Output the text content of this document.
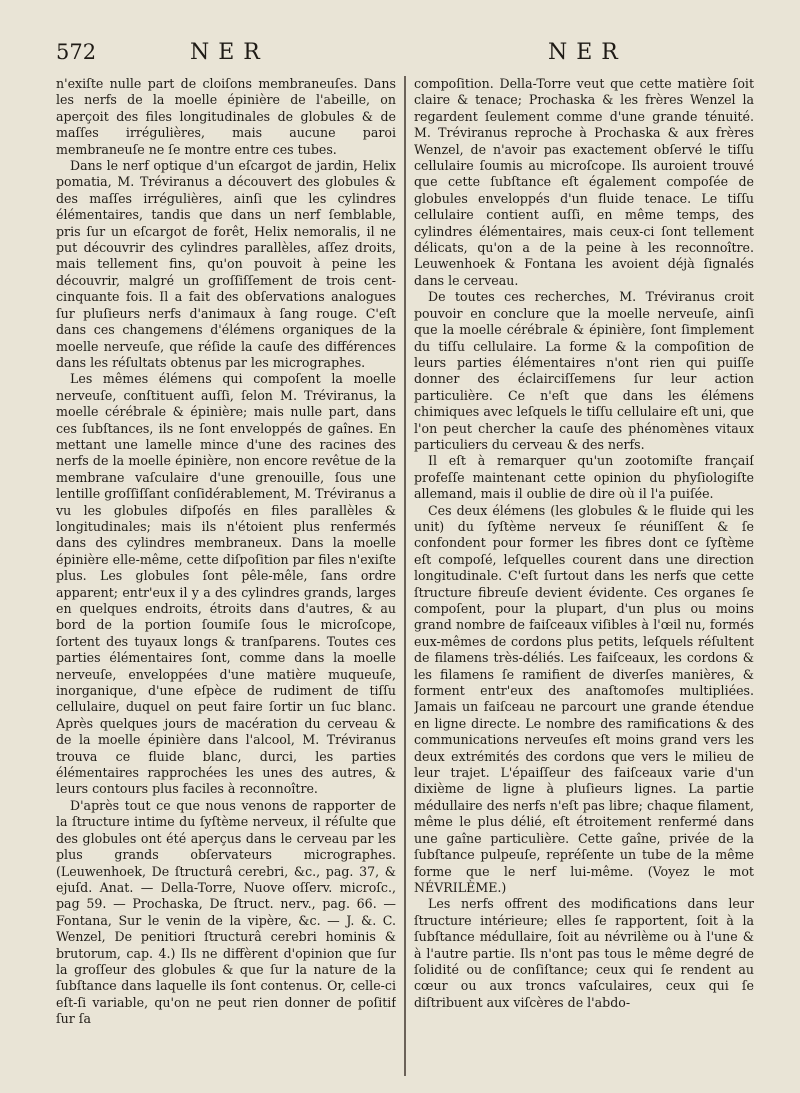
572	NER	NER

n'exiſte nulle part de cloiſons membraneuſes. Dans les nerfs de la moelle épinière de l'abeille, on aperçoit des files longitudinales de globules & de maſſes irrégulières, mais aucune paroi membraneuſe ne ſe montre entre ces tubes.

Dans le nerf optique d'un eſcargot de jardin, Helix pomatia, M. Tréviranus a découvert des globules & des maſſes irrégulières, ainſi que les cylindres élémentaires, tandis que dans un nerf ſemblable, pris ſur un eſcargot de forêt, Helix nemoralis, il ne put découvrir des cylindres parallèles, aſſez droits, mais tellement fins, qu'on pouvoit à peine les découvrir, malgré un groſſiſſement de trois cent-cinquante fois. Il a fait des obſervations analogues ſur pluſieurs nerfs d'animaux à ſang rouge. C'eſt dans ces changemens d'élémens organiques de la moelle nerveuſe, que réſide la cauſe des différences dans les réſultats obtenus par les micrographes.

Les mêmes élémens qui compoſent la moelle nerveuſe, conſtituent auſſi, ſelon M. Tréviranus, la moelle cérébrale & épinière; mais nulle part, dans ces ſubſtances, ils ne ſont enveloppés de gaînes. En mettant une lamelle mince d'une des racines des nerfs de la moelle épinière, non encore revêtue de la membrane vaſculaire d'une grenouille, ſous une lentille groſſiſſant conſidérablement, M. Tréviranus a vu les globules diſpoſés en files parallèles & longitudinales; mais ils n'étoient plus renfermés dans des cylindres membraneux. Dans la moelle épinière elle-même, cette diſpoſition par files n'exiſte plus. Les globules ſont pêle-mêle, ſans ordre apparent; entr'eux il y a des cylindres grands, larges en quelques endroits, étroits dans d'autres, & au bord de la portion ſoumiſe ſous le microſcope, ſortent des tuyaux longs & tranſparens. Toutes ces parties élémentaires ſont, comme dans la moelle nerveuſe, enveloppées d'une matière muqueuſe, inorganique, d'une eſpèce de rudiment de tiſſu cellulaire, duquel on peut faire ſortir un ſuc blanc. Après quelques jours de macération du cerveau & de la moelle épinière dans l'alcool, M. Tréviranus trouva ce fluide blanc, durci, les parties élémentaires rapprochées les unes des autres, & leurs contours plus faciles à reconnoître.

D'après tout ce que nous venons de rapporter de la ſtructure intime du ſyſtème nerveux, il réſulte que des globules ont été aperçus dans le cerveau par les plus grands obſervateurs micrographes. (Leuwenhoek, De ſtructurâ cerebri, &c., pag. 37, & ejuſd. Anat. — Della-Torre, Nuove oſſerv. microſc., pag 59. — Prochaska, De ſtruct. nerv., pag. 66. — Fontana, Sur le venin de la vipère, &c. — J. &. C. Wenzel, De penitiori ſtructurâ cerebri hominis & brutorum, cap. 4.) Ils ne diffèrent d'opinion que ſur la groſſeur des globules & que ſur la nature de la ſubſtance dans laquelle ils ſont contenus. Or, celle-ci eſt-ſi variable, qu'on ne peut rien donner de poſitif ſur ſa

compoſition. Della-Torre veut que cette matière ſoit claire & tenace; Prochaska & les frères Wenzel la regardent ſeulement comme d'une grande ténuité. M. Tréviranus reproche à Prochaska & aux frères Wenzel, de n'avoir pas exactement obſervé le tiſſu cellulaire ſoumis au microſcope. Ils auroient trouvé que cette ſubſtance eſt également compoſée de globules enveloppés d'un fluide tenace. Le tiſſu cellulaire contient auſſi, en même temps, des cylindres élémentaires, mais ceux-ci ſont tellement délicats, qu'on a de la peine à les reconnoître. Leuwenhoek & Fontana les avoient déjà ſignalés dans le cerveau.

De toutes ces recherches, M. Tréviranus croit pouvoir en conclure que la moelle nerveuſe, ainſi que la moelle cérébrale & épinière, ſont ſimplement du tiſſu cellulaire. La forme & la compoſition de leurs parties élémentaires n'ont rien qui puiſſe donner des éclairciſſemens ſur leur action particulière. Ce n'eſt que dans les élémens chimiques avec leſquels le tiſſu cellulaire eſt uni, que l'on peut chercher la cauſe des phénomènes vitaux particuliers du cerveau & des nerfs.

Il eſt à remarquer qu'un zootomiſte françaiſ profeſſe maintenant cette opinion du phyſiologiſte allemand, mais il oublie de dire où il l'a puiſée.

Ces deux élémens (les globules & le fluide qui les unit) du ſyſtème nerveux ſe réuniſſent & ſe confondent pour former les fibres dont ce ſyſtème eſt compoſé, leſquelles courent dans une direction longitudinale. C'eſt ſurtout dans les nerfs que cette ſtructure fibreuſe devient évidente. Ces organes ſe compoſent, pour la plupart, d'un plus ou moins grand nombre de faiſceaux viſibles à l'œil nu, formés eux-mêmes de cordons plus petits, leſquels réſultent de filamens très-déliés. Les faiſceaux, les cordons & les filamens ſe ramifient de diverſes manières, & forment entr'eux des anaſtomoſes multipliées. Jamais un faiſceau ne parcourt une grande étendue en ligne directe. Le nombre des ramifications & des communications nerveuſes eſt moins grand vers les deux extrémités des cordons que vers le milieu de leur trajet. L'épaiſſeur des faiſceaux varie d'un dixième de ligne à pluſieurs lignes. La partie médullaire des nerfs n'eſt pas libre; chaque filament, même le plus délié, eſt étroitement renfermé dans une gaîne particulière. Cette gaîne, privée de la ſubſtance pulpeuſe, repréſente un tube de la même forme que le nerf lui-même. (Voyez le mot NÉVRILÈME.)

Les nerfs offrent des modifications dans leur ſtructure intérieure; elles ſe rapportent, ſoit à la ſubſtance médullaire, ſoit au névrilème ou à l'une & à l'autre partie. Ils n'ont pas tous le même degré de ſolidité ou de conſiſtance; ceux qui ſe rendent au cœur ou aux troncs vaſculaires, ceux qui ſe diſtribuent aux viſcères de l'abdo-
